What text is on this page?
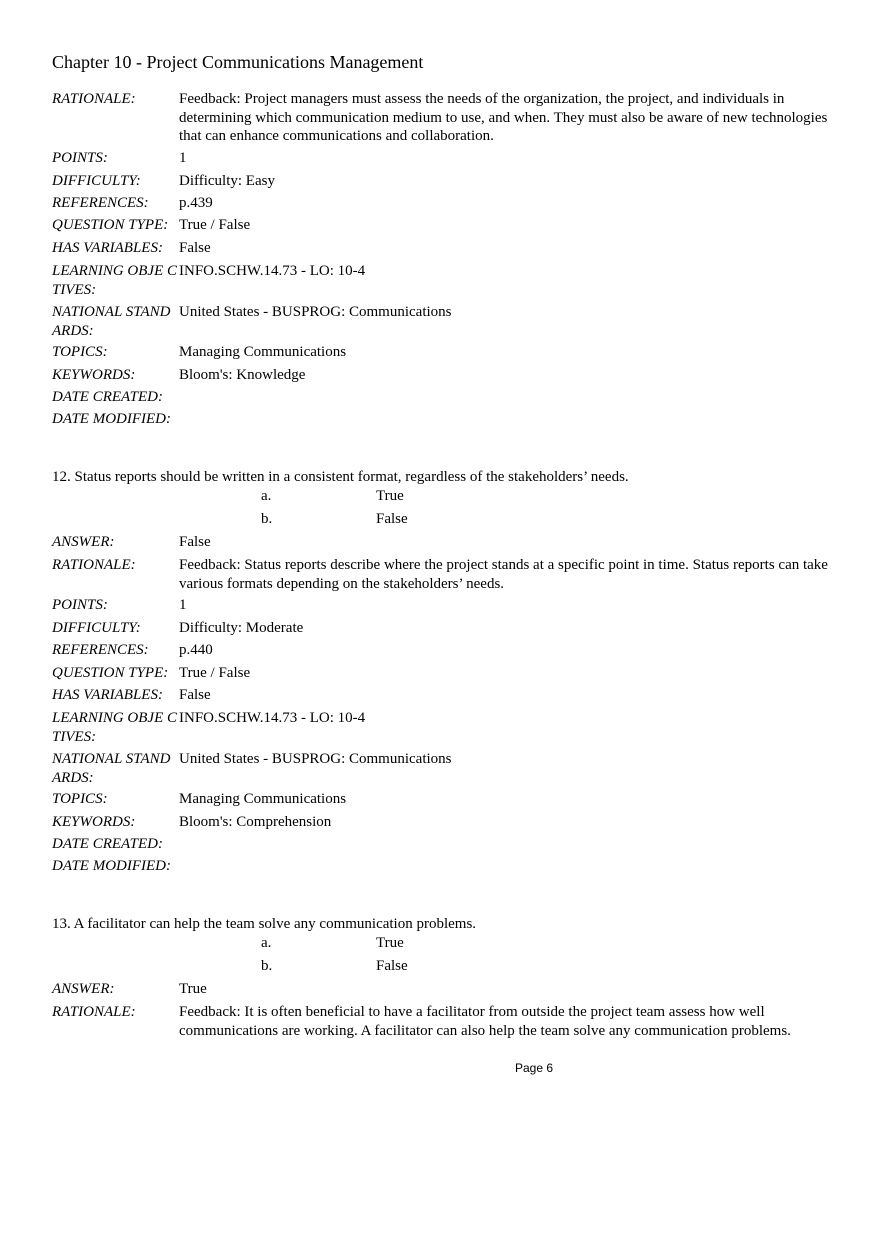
Chapter 10 - Project Communications Management
RATIONALE:	Feedback: Project managers must assess the needs of the organization, the project, and individuals in determining which communication medium to use, and when. They must also be aware of new technologies that can enhance communications and collaboration.
POINTS:	1
DIFFICULTY:	Difficulty: Easy
REFERENCES:	p.439
QUESTION TYPE: True / False
HAS VARIABLES:	False
LEARNING OBJE CTIVES:
INFO.SCHW.14.73 - LO: 10-4
NATIONAL STAND ARDS:
United States - BUSPROG: Communications
TOPICS:	Managing Communications
KEYWORDS:	Bloom's: Knowledge
DATE CREATED:
DATE MODIFIED:
12. Status reports should be written in a consistent format, regardless of the stakeholders’ needs.
a.	True
b.	False
ANSWER:	False
RATIONALE:	Feedback: Status reports describe where the project stands at a specific point in time. Status reports can take various formats depending on the stakeholders’ needs.
POINTS:	1
DIFFICULTY:	Difficulty: Moderate
REFERENCES:	p.440
QUESTION TYPE: True / False
HAS VARIABLES:	False
LEARNING OBJE CTIVES:
INFO.SCHW.14.73 - LO: 10-4
NATIONAL STAND ARDS:
United States - BUSPROG: Communications
TOPICS:	Managing Communications
KEYWORDS:	Bloom's: Comprehension
DATE CREATED:
DATE MODIFIED:
13. A facilitator can help the team solve any communication problems.
a.	True
b.	False
ANSWER:	True
RATIONALE:	Feedback: It is often beneficial to have a facilitator from outside the project team assess how well communications are working. A facilitator can also help the team solve any communication problems.
Page 6
